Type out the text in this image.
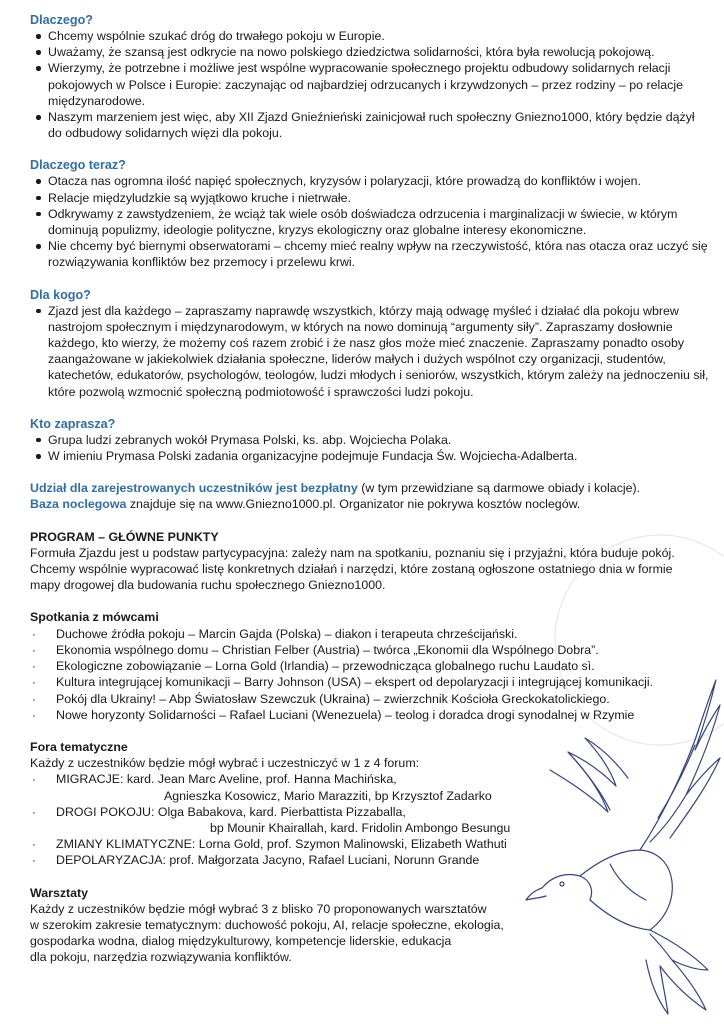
Dlaczego?
Chcemy wspólnie szukać dróg do trwałego pokoju w Europie.
Uważamy, że szansą jest odkrycie na nowo polskiego dziedzictwa solidarności, która była rewolucją pokojową.
Wierzymy, że potrzebne i możliwe jest wspólne wypracowanie społecznego projektu odbudowy solidarnych relacji pokojowych w Polsce i Europie: zaczynając od najbardziej odrzucanych i krzywdzonych – przez rodziny – po relacje międzynarodowe.
Naszym marzeniem jest więc, aby XII Zjazd Gnieźnieński zainicjował ruch społeczny Gniezno1000, który będzie dążył do odbudowy solidarnych więzi dla pokoju.
Dlaczego teraz?
Otacza nas ogromna ilość napięć społecznych, kryzysów i polaryzacji, które prowadzą do konfliktów i wojen.
Relacje międzyludzkie są wyjątkowo kruche i nietrwałe.
Odkrywamy z zawstydzeniem, że wciąż tak wiele osób doświadcza odrzucenia i marginalizacji w świecie, w którym dominują populizmy, ideologie polityczne, kryzys ekologiczny oraz globalne interesy ekonomiczne.
Nie chcemy być biernymi obserwatorami – chcemy mieć realny wpływ na rzeczywistość, która nas otacza oraz uczyć się rozwiązywania konfliktów bez przemocy i przelewu krwi.
Dla kogo?
Zjazd jest dla każdego – zapraszamy naprawdę wszystkich, którzy mają odwagę myśleć i działać dla pokoju wbrew nastrojom społecznym i międzynarodowym, w których na nowo dominują “argumenty siły”. Zapraszamy dosłownie każdego, kto wierzy, że możemy coś razem zrobić i że nasz głos może mieć znaczenie. Zapraszamy ponadto osoby zaangażowane w jakiekolwiek działania społeczne, liderów małych i dużych wspólnot czy organizacji, studentów, katechetów, edukatorów, psychologów, teologów, ludzi młodych i seniorów, wszystkich, którym zależy na jednoczeniu sił, które pozwolą wzmocnić społeczną podmiotowość i sprawczości ludzi pokoju.
Kto zaprasza?
Grupa ludzi zebranych wokół Prymasa Polski, ks. abp. Wojciecha Polaka.
W imieniu Prymasa Polski zadania organizacyjne podejmuje Fundacja Św. Wojciecha-Adalberta.
Udział dla zarejestrowanych uczestników jest bezpłatny (w tym przewidziane są darmowe obiady i kolacje).
Baza noclegowa znajduje się na www.Gniezno1000.pl. Organizator nie pokrywa kosztów noclegów.
PROGRAM – GŁÓWNE PUNKTY
Formuła Zjazdu jest u podstaw partycypacyjna: zależy nam na spotkaniu, poznaniu się i przyjaźni, która buduje pokój. Chcemy wspólnie wypracować listę konkretnych działań i narzędzi, które zostaną ogłoszone ostatniego dnia w formie mapy drogowej dla budowania ruchu społecznego Gniezno1000.
Spotkania z mówcami
· Duchowe źródła pokoju – Marcin Gajda (Polska) – diakon i terapeuta chrześcijański.
· Ekonomia wspólnego domu – Christian Felber (Austria) – twórca „Ekonomii dla Wspólnego Dobra”.
· Ekologiczne zobowiązanie – Lorna Gold (Irlandia) – przewodnicząca globalnego ruchu Laudato sì.
· Kultura integrującej komunikacji – Barry Johnson (USA) – ekspert od depolaryzacji i integrującej komunikacji.
· Pokój dla Ukrainy! – Abp Światosław Szewczuk (Ukraina) – zwierzchnik Kościoła Greckokatolickiego.
· Nowe horyzonty Solidarności – Rafael Luciani (Wenezuela) – teolog i doradca drogi synodalnej w Rzymie
Fora tematyczne
Każdy z uczestników będzie mógł wybrać i uczestniczyć w 1 z 4 forum:
· MIGRACJE: kard. Jean Marc Aveline, prof. Hanna Machińska,
Agnieszka Kosowicz, Mario Marazziti, bp Krzysztof Zadarko
· DROGI POKOJU: Olga Babakova, kard. Pierbattista Pizzaballa,
bp Mounir Khairallah, kard. Fridolin Ambongo Besungu
· ZMIANY KLIMATYCZNE: Lorna Gold, prof. Szymon Malinowski, Elizabeth Wathuti
· DEPOLARYZACJA: prof. Małgorzata Jacyno, Rafael Luciani, Norunn Grande
Warsztaty
Każdy z uczestników będzie mógł wybrać 3 z blisko 70 proponowanych warsztatów
w szerokim zakresie tematycznym: duchowość pokoju, AI, relacje społeczne, ekologia,
gospodarka wodna, dialog międzykulturowy, kompetencje liderskie, edukacja
dla pokoju, narzędzia rozwiązywania konfliktów.
